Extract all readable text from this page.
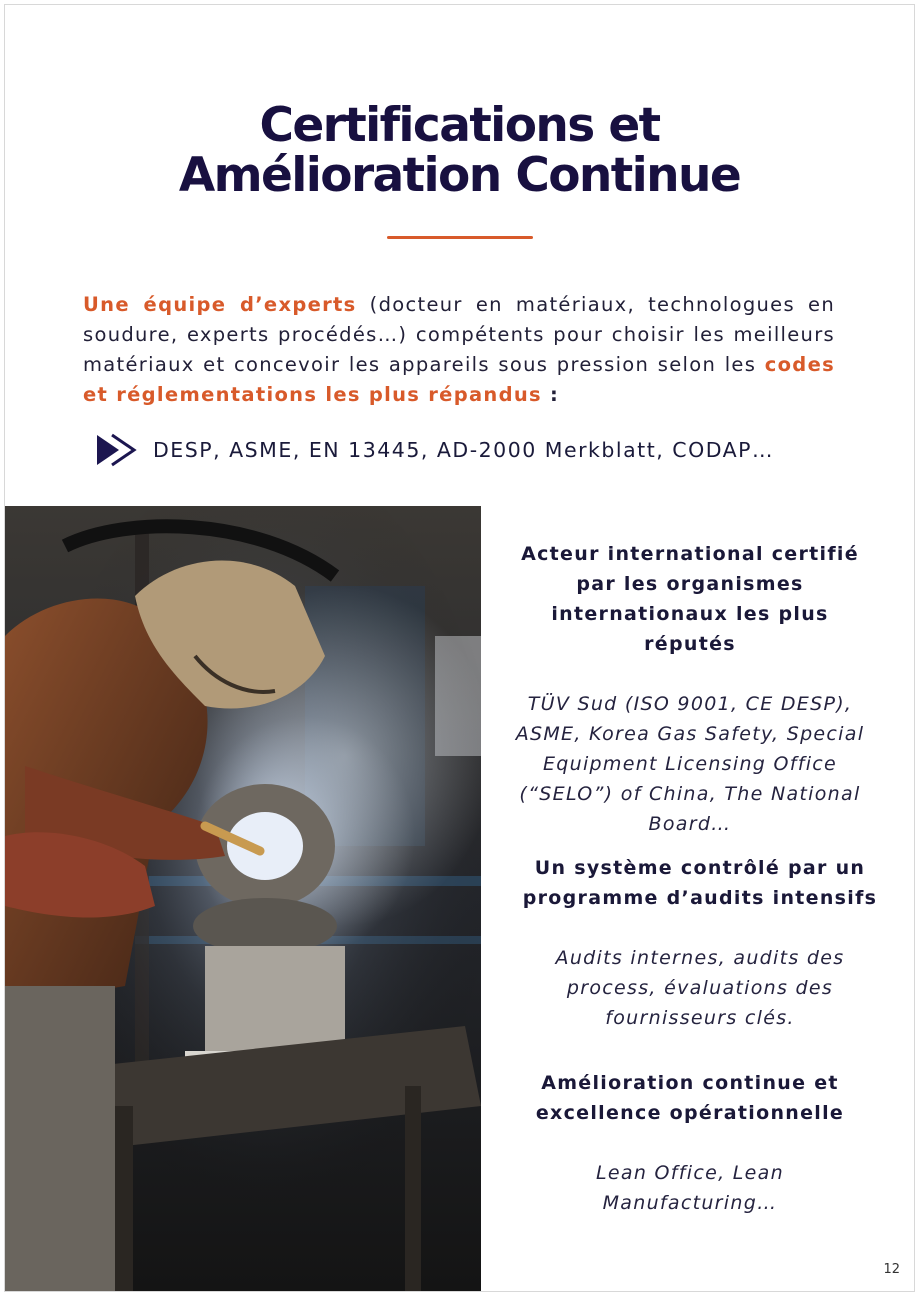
Certifications et
Amélioration Continue

Une équipe d’experts (docteur en matériaux, technologues en soudure, experts procédés…) compétents pour choisir les meilleurs matériaux et concevoir les appareils sous pression selon les codes et réglementations les plus répandus :

DESP, ASME, EN 13445, AD-2000 Merkblatt, CODAP…
Acteur international certifié par les organismes internationaux les plus réputés
TÜV Sud (ISO 9001, CE DESP), ASME, Korea Gas Safety, Special Equipment Licensing Office (“SELO”) of China, The National Board…
Un système contrôlé par un programme d’audits intensifs
Audits internes, audits des process, évaluations des fournisseurs clés.
Amélioration continue et excellence opérationnelle
Lean Office, Lean Manufacturing…
12
